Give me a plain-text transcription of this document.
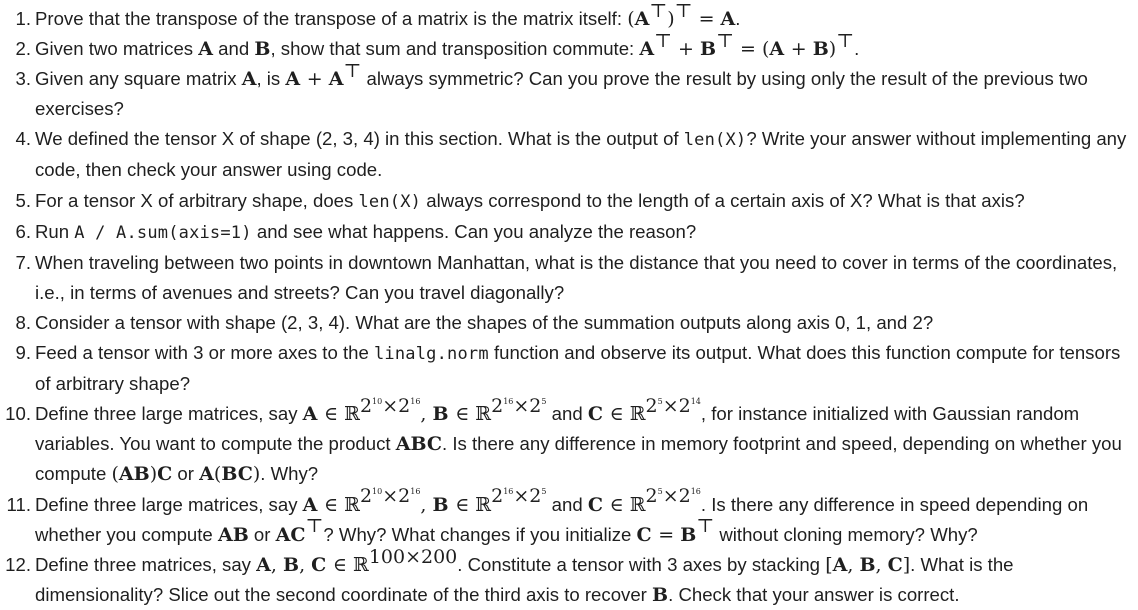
1. Prove that the transpose of the transpose of a matrix is the matrix itself: (A⊤)⊤ = A.
2. Given two matrices A and B, show that sum and transposition commute: A⊤ + B⊤ = (A + B)⊤.
3. Given any square matrix A, is A + A⊤ always symmetric? Can you prove the result by using only the result of the previous two exercises?
4. We defined the tensor X of shape (2, 3, 4) in this section. What is the output of len(X)? Write your answer without implementing any code, then check your answer using code.
5. For a tensor X of arbitrary shape, does len(X) always correspond to the length of a certain axis of X? What is that axis?
6. Run A / A.sum(axis=1) and see what happens. Can you analyze the reason?
7. When traveling between two points in downtown Manhattan, what is the distance that you need to cover in terms of the coordinates, i.e., in terms of avenues and streets? Can you travel diagonally?
8. Consider a tensor with shape (2, 3, 4). What are the shapes of the summation outputs along axis 0, 1, and 2?
9. Feed a tensor with 3 or more axes to the linalg.norm function and observe its output. What does this function compute for tensors of arbitrary shape?
10. Define three large matrices, say A ∈ ℝ$^{2^{10}\times 2^{16}}$, B ∈ ℝ$^{2^{16}\times 2^5}$ and C ∈ ℝ$^{2^5\times 2^{14}}$, for instance initialized with Gaussian random variables. You want to compute the product ABC. Is there any difference in memory footprint and speed, depending on whether you compute (AB)C or A(BC). Why?
11. Define three large matrices, say A ∈ ℝ$^{2^{10}\times 2^{16}}$, B ∈ ℝ$^{2^{16}\times 2^5}$ and C ∈ ℝ$^{2^5\times 2^{16}}$. Is there any difference in speed depending on whether you compute AB or AC⊤? Why? What changes if you initialize C = B⊤ without cloning memory? Why?
12. Define three matrices, say A, B, C ∈ ℝ$^{100\times 200}$. Constitute a tensor with 3 axes by stacking [A, B, C]. What is the dimensionality? Slice out the second coordinate of the third axis to recover B. Check that your answer is correct.
